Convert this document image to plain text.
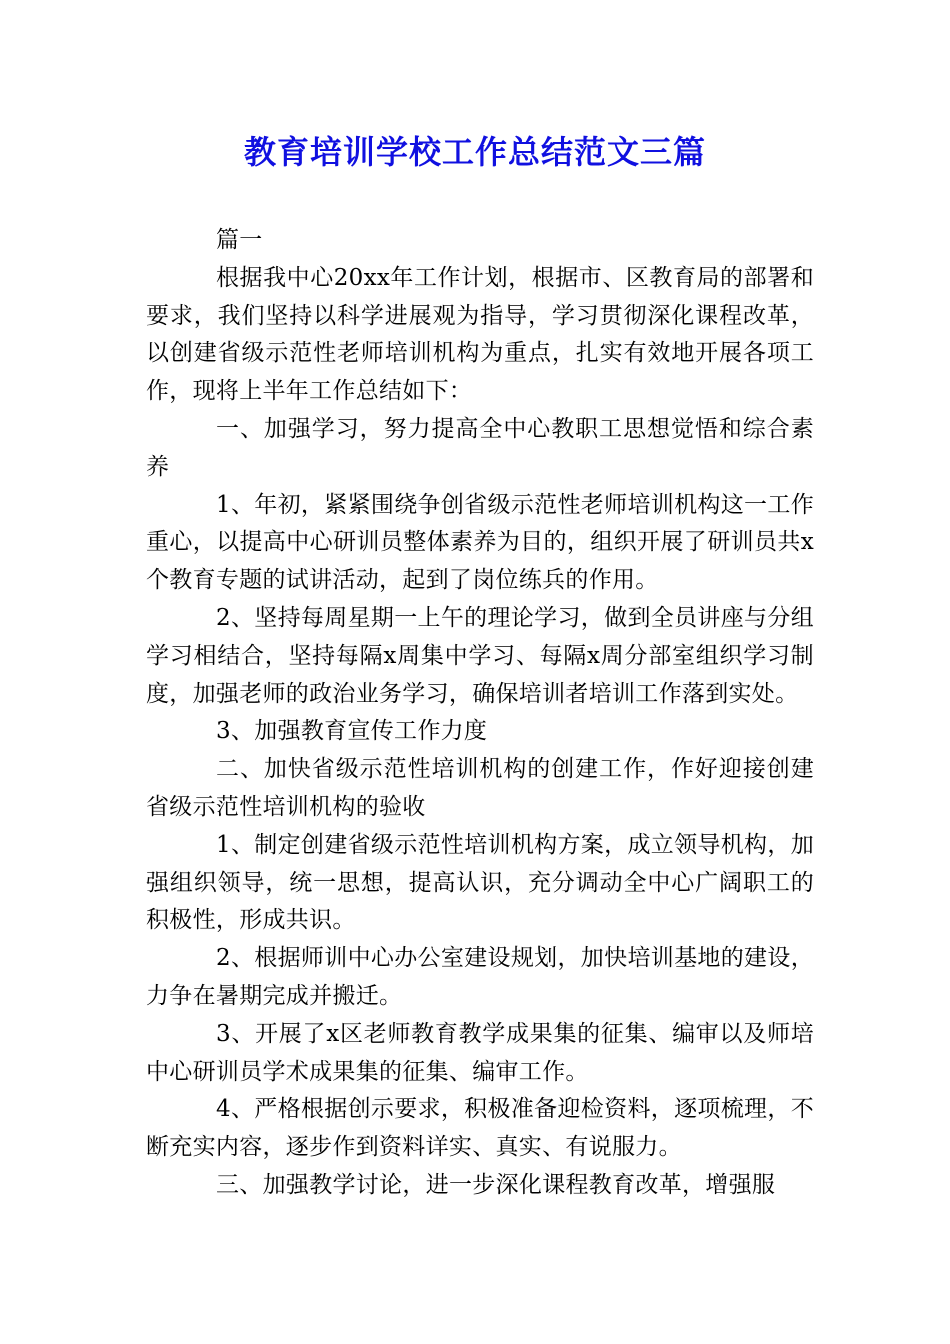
教育培训学校工作总结范文三篇

篇一

根据我中心20xx年工作计划，根据市、区教育局的部署和要求，我们坚持以科学进展观为指导，学习贯彻深化课程改革，以创建省级示范性老师培训机构为重点，扎实有效地开展各项工作，现将上半年工作总结如下：

一、加强学习，努力提高全中心教职工思想觉悟和综合素养

1、年初，紧紧围绕争创省级示范性老师培训机构这一工作重心，以提高中心研训员整体素养为目的，组织开展了研训员共x个教育专题的试讲活动，起到了岗位练兵的作用。

2、坚持每周星期一上午的理论学习，做到全员讲座与分组学习相结合，坚持每隔x周集中学习、每隔x周分部室组织学习制度，加强老师的政治业务学习，确保培训者培训工作落到实处。

3、加强教育宣传工作力度

二、加快省级示范性培训机构的创建工作，作好迎接创建省级示范性培训机构的验收

1、制定创建省级示范性培训机构方案，成立领导机构，加强组织领导，统一思想，提高认识，充分调动全中心广阔职工的积极性，形成共识。

2、根据师训中心办公室建设规划，加快培训基地的建设，力争在暑期完成并搬迁。

3、开展了x区老师教育教学成果集的征集、编审以及师培中心研训员学术成果集的征集、编审工作。

4、严格根据创示要求，积极准备迎检资料，逐项梳理，不断充实内容，逐步作到资料详实、真实、有说服力。

三、加强教学讨论，进一步深化课程教育改革，增强服
